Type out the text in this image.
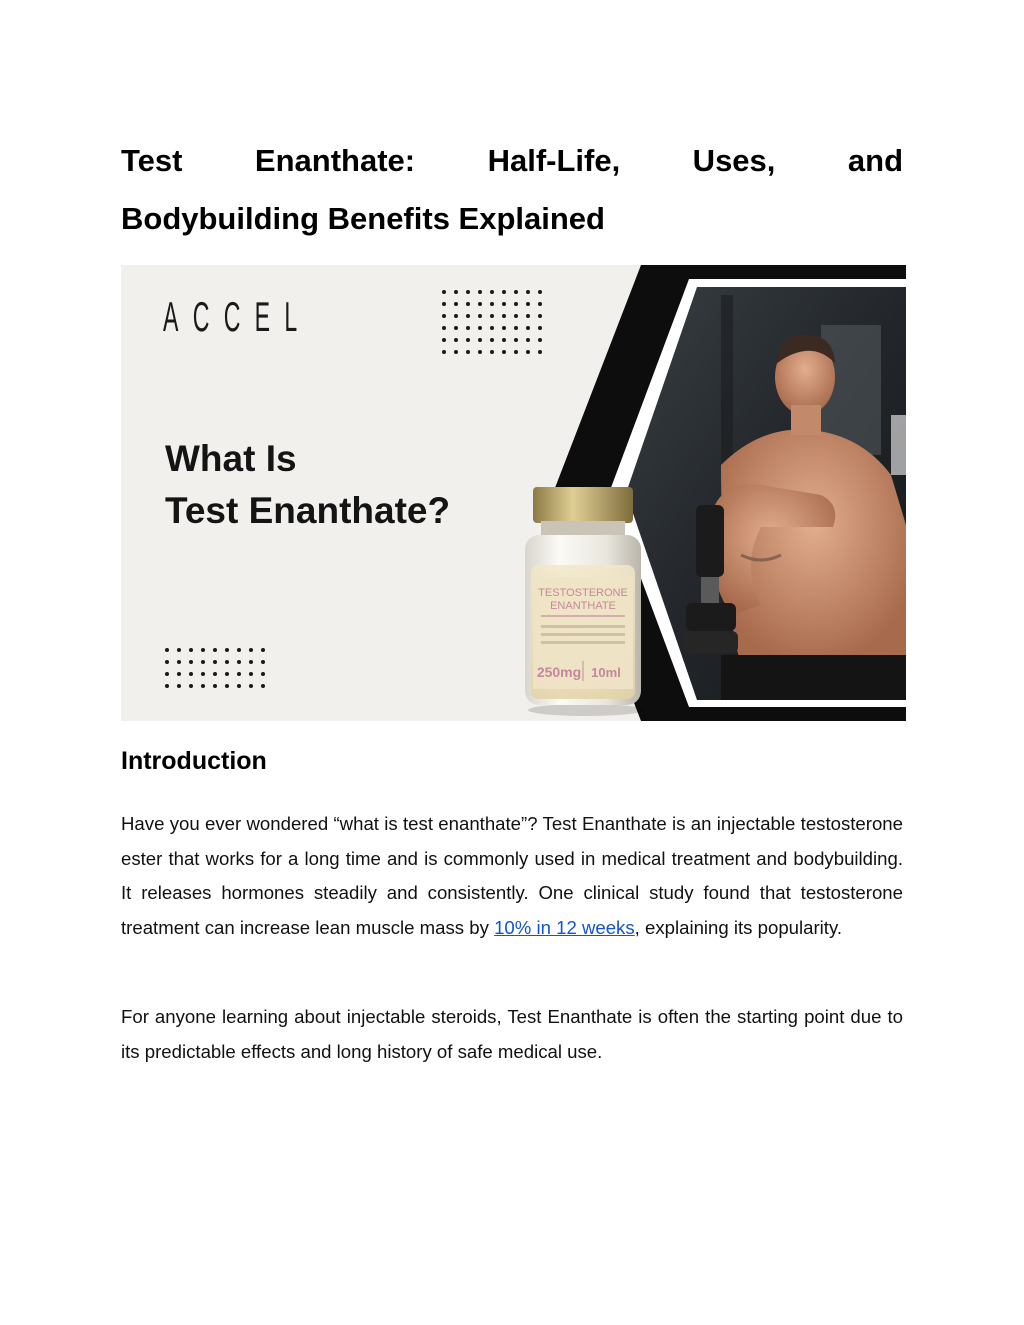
Test Enanthate: Half-Life, Uses, and
Bodybuilding Benefits Explained
TESTOSTERONE
ENANTHATE
250mg 10ml
ACCEL
What Is
Test Enanthate?
Introduction

Have you ever wondered “what is test enanthate”? Test Enanthate is an injectable testosterone ester that works for a long time and is commonly used in medical treatment and bodybuilding. It releases hormones steadily and consistently. One clinical study found that testosterone treatment can increase lean muscle mass by 10% in 12 weeks, explaining its popularity.

For anyone learning about injectable steroids, Test Enanthate is often the starting point due to its predictable effects and long history of safe medical use.
